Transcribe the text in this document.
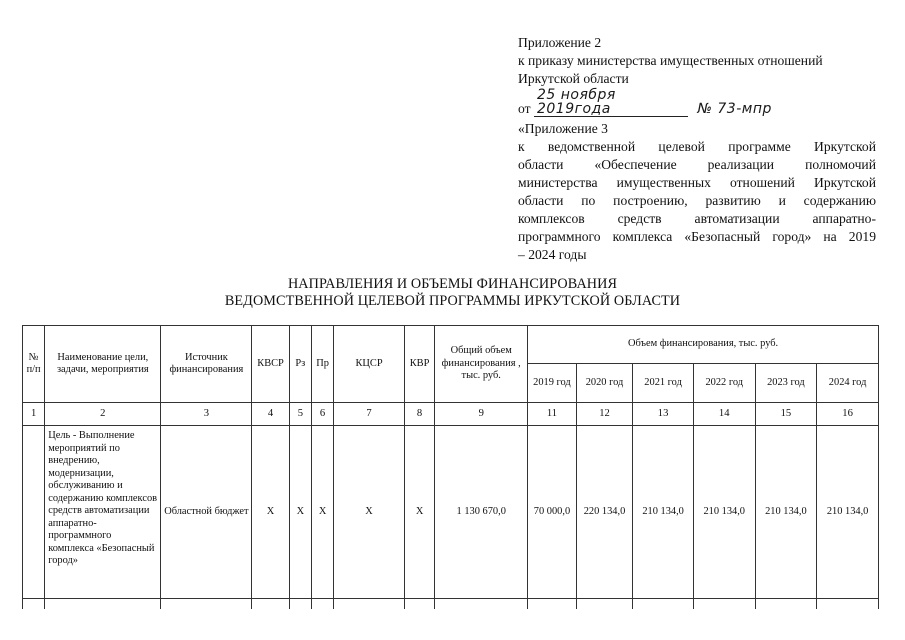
Приложение 2
к приказу министерства имущественных отношений
Иркутской области
от 25 ноября 2019года	№ 73-мпр
«Приложение 3
к ведомственной целевой программе Иркутской
области «Обеспечение реализации полномочий
министерства имущественных отношений Иркутской
области по построению, развитию и содержанию
комплексов средств автоматизации аппаратно-
программного комплекса «Безопасный город» на 2019
– 2024 годы
НАПРАВЛЕНИЯ И ОБЪЕМЫ ФИНАНСИРОВАНИЯ
ВЕДОМСТВЕННОЙ ЦЕЛЕВОЙ ПРОГРАММЫ ИРКУТСКОЙ ОБЛАСТИ
№ п/п	Наименование цели, задачи, мероприятия	Источник финансирования	КВСР	Рз	Пр	КЦСР	КВР	Общий объем финансирования , тыс. руб.	Объем финансирования, тыс. руб.					
									2019 год	2020 год	2021 год	2022 год	2023 год	2024 год
1	2	3	4	5	6	7	8	9	11	12	13	14	15	16
	Цель - Выполнение мероприятий по внедрению, модернизации, обслуживанию и содержанию комплексов средств автоматизации аппаратно-программного комплекса «Безопасный город»	Областной бюджет	Х	Х	Х	Х	Х	1 130 670,0	70 000,0	220 134,0	210 134,0	210 134,0	210 134,0	210 134,0
